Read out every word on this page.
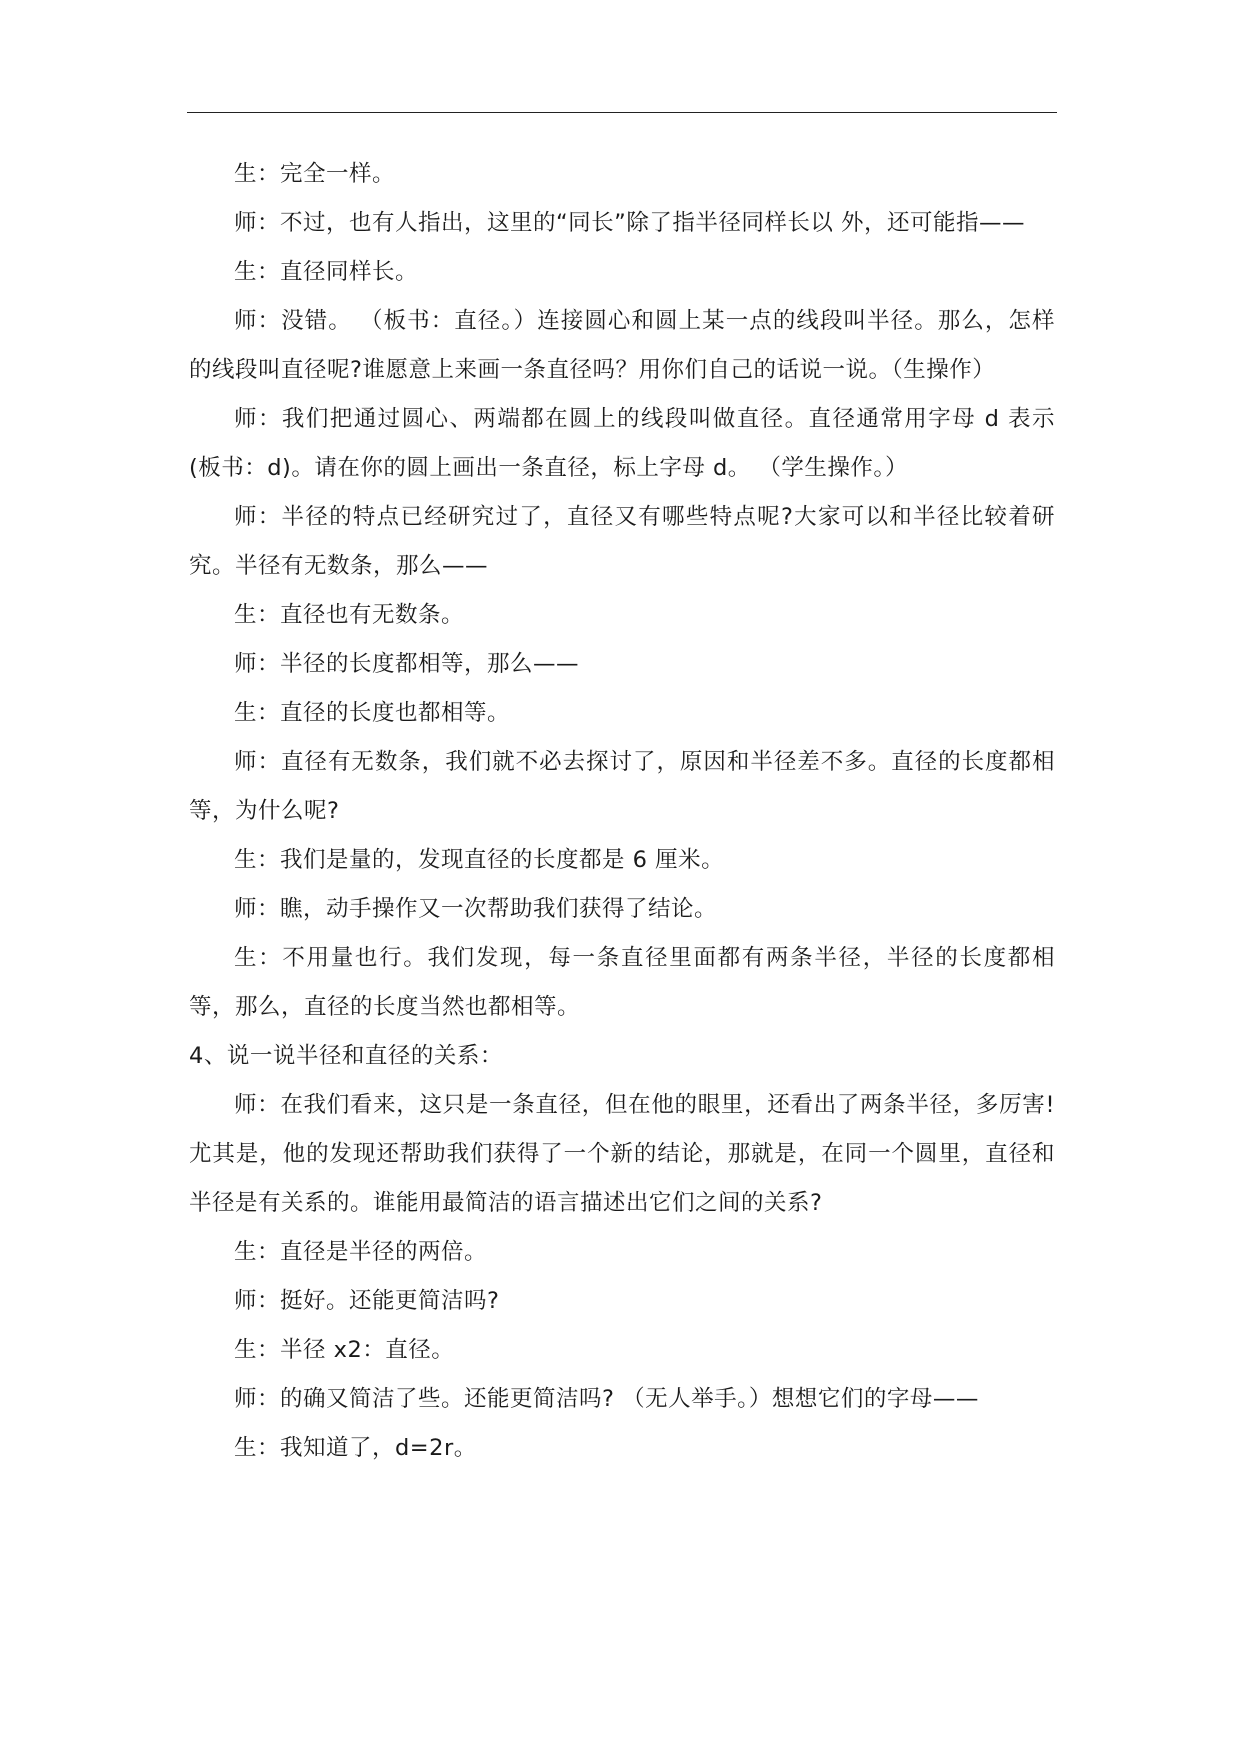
生：完全一样。

师：不过，也有人指出，这里的“同长”除了指半径同样长以 外，还可能指——

生：直径同样长。

师：没错。 （板书：直径。）连接圆心和圆上某一点的线段叫半径。那么，怎样的线段叫直径呢?谁愿意上来画一条直径吗？用你们自己的话说一说。（生操作）

师：我们把通过圆心、两端都在圆上的线段叫做直径。直径通常用字母 d 表示(板书：d)。请在你的圆上画出一条直径，标上字母 d。 （学生操作。）

师：半径的特点已经研究过了，直径又有哪些特点呢?大家可以和半径比较着研究。半径有无数条，那么——

生：直径也有无数条。

师：半径的长度都相等，那么——

生：直径的长度也都相等。

师：直径有无数条，我们就不必去探讨了，原因和半径差不多。直径的长度都相等，为什么呢?

生：我们是量的，发现直径的长度都是 6 厘米。

师：瞧，动手操作又一次帮助我们获得了结论。

生：不用量也行。我们发现，每一条直径里面都有两条半径，半径的长度都相等，那么，直径的长度当然也都相等。

4、说一说半径和直径的关系：

师：在我们看来，这只是一条直径，但在他的眼里，还看出了两条半径，多厉害!尤其是，他的发现还帮助我们获得了一个新的结论，那就是，在同一个圆里，直径和半径是有关系的。谁能用最简洁的语言描述出它们之间的关系?

生：直径是半径的两倍。

师：挺好。还能更简洁吗?

生：半径 x2：直径。

师：的确又简洁了些。还能更简洁吗? （无人举手。）想想它们的字母——

生：我知道了，d=2r。
